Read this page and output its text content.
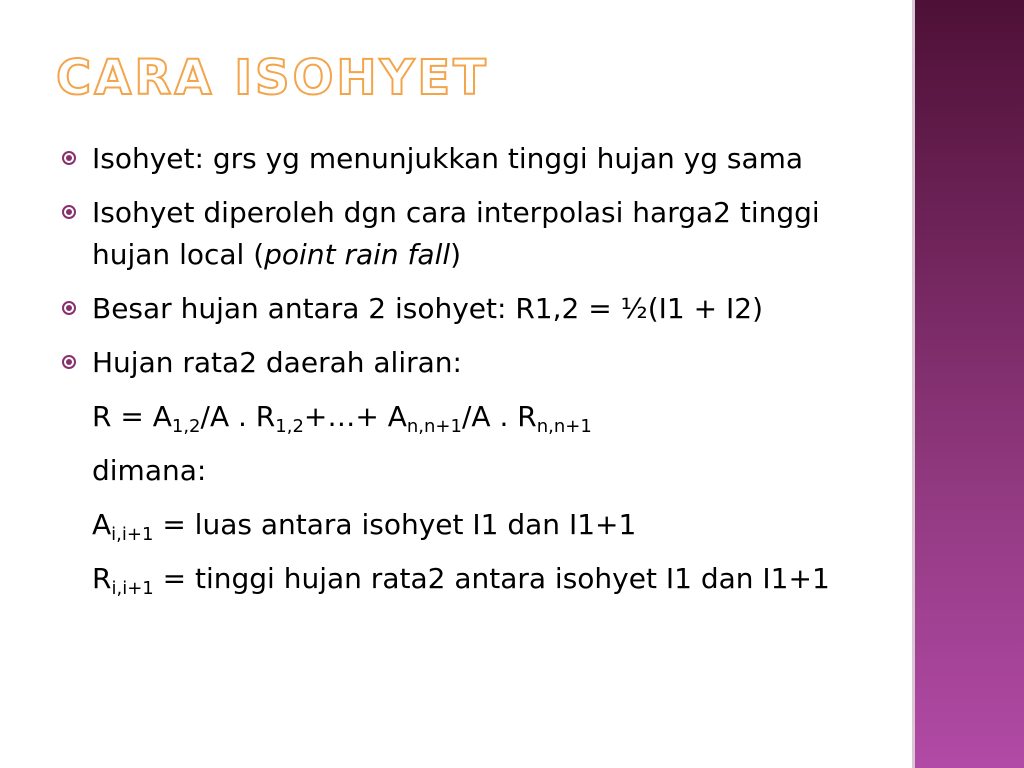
CARA ISOHYET
Isohyet: grs yg menunjukkan tinggi hujan yg sama
Isohyet diperoleh dgn cara interpolasi harga2 tinggi hujan local (point rain fall)
Besar hujan antara 2 isohyet: R1,2 = ½(I1 + I2)
Hujan rata2 daerah aliran:
$R = A_{1,2}/A$ . $R_{1,2}+\dots+ A_{n,n+1}/A$ . $R_{n,n+1}$
dimana:
$A_{i,i+1}$ = luas antara isohyet I1 dan I1+1
$R_{i,i+1}$ = tinggi hujan rata2 antara isohyet I1 dan I1+1
